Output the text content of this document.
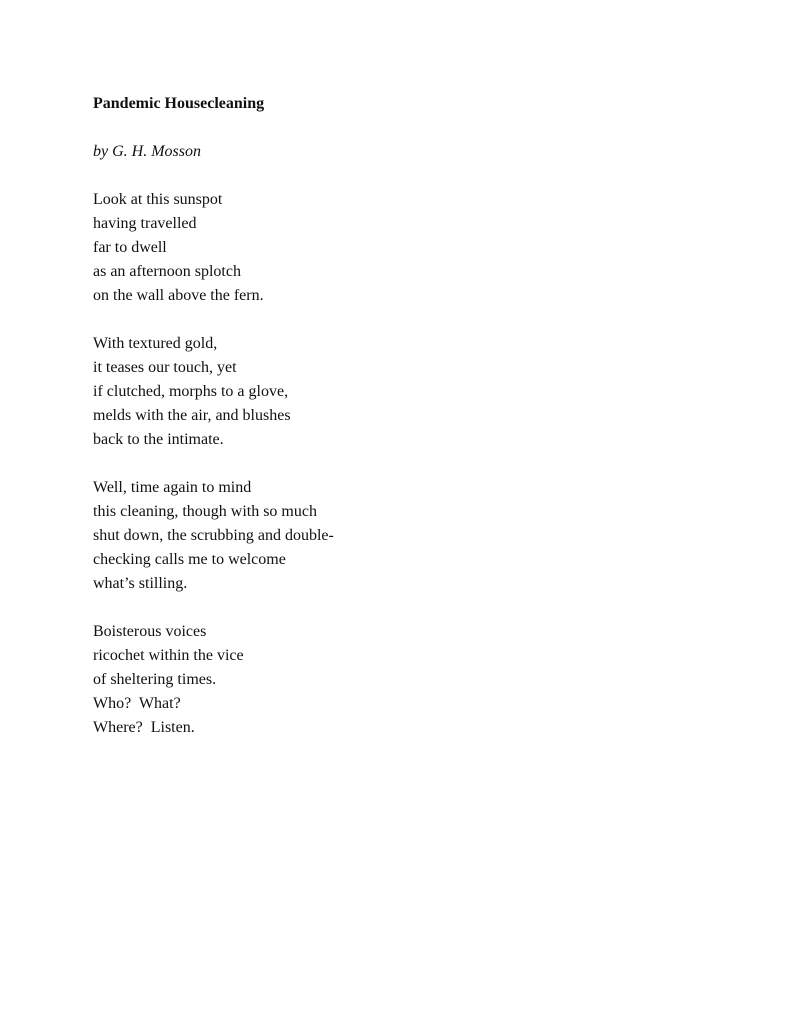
Pandemic Housecleaning
by G. H. Mosson
Look at this sunspot
having travelled
far to dwell
as an afternoon splotch
on the wall above the fern.
With textured gold,
it teases our touch, yet
if clutched, morphs to a glove,
melds with the air, and blushes
back to the intimate.
Well, time again to mind
this cleaning, though with so much
shut down, the scrubbing and double-
checking calls me to welcome
what’s stilling.
Boisterous voices
ricochet within the vice
of sheltering times.
Who?  What?
Where?  Listen.
